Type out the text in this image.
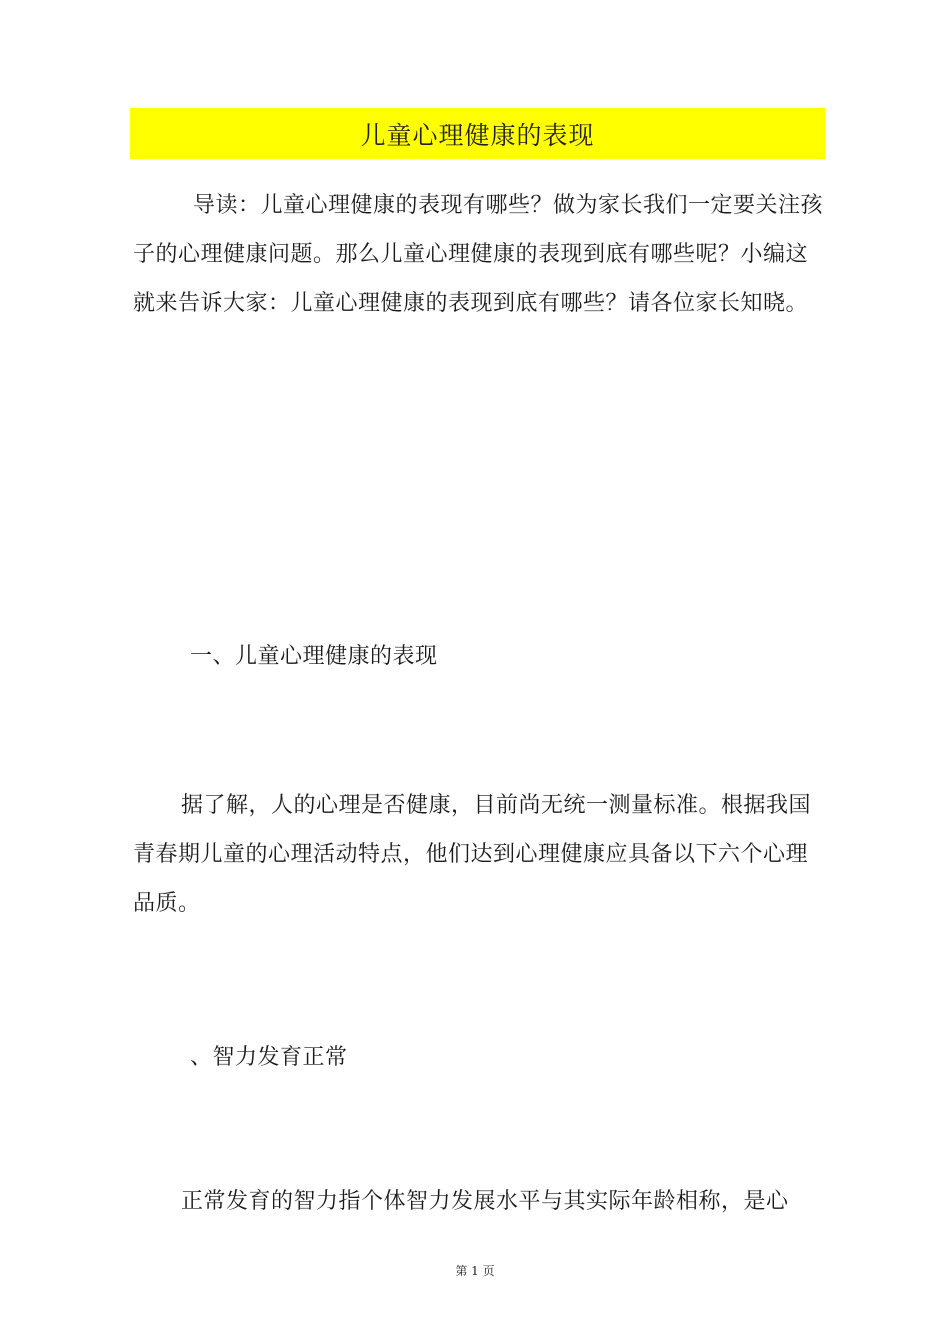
儿童心理健康的表现

导读：儿童心理健康的表现有哪些？做为家长我们一定要关注孩子的心理健康问题。那么儿童心理健康的表现到底有哪些呢？小编这就来告诉大家：儿童心理健康的表现到底有哪些？请各位家长知晓。

一、儿童心理健康的表现

据了解，人的心理是否健康，目前尚无统一测量标准。根据我国青春期儿童的心理活动特点，他们达到心理健康应具备以下六个心理品质。

、智力发育正常

正常发育的智力指个体智力发展水平与其实际年龄相称，是心

第 1 页
